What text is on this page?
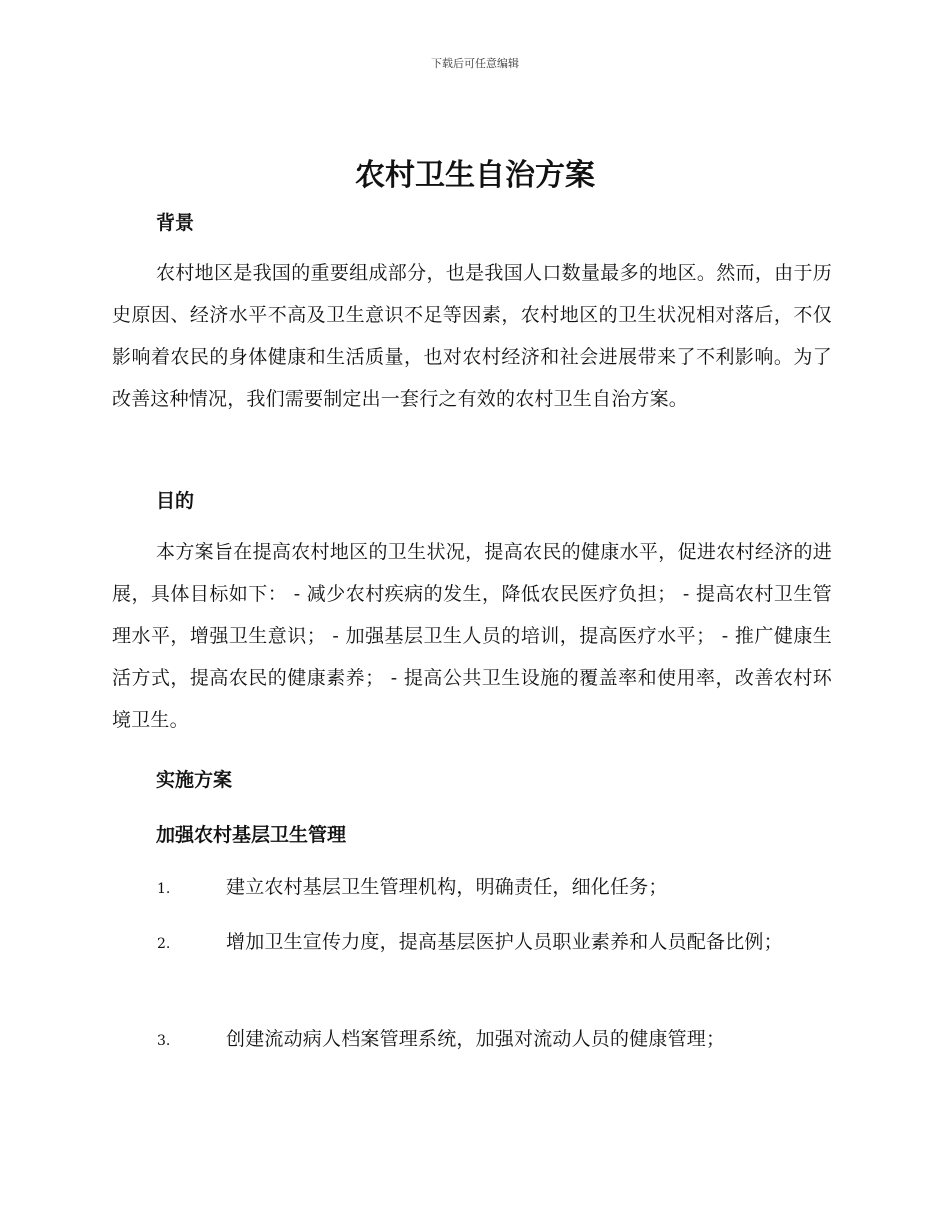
下载后可任意编辑
农村卫生自治方案
背景

农村地区是我国的重要组成部分，也是我国人口数量最多的地区。然而，由于历史原因、经济水平不高及卫生意识不足等因素，农村地区的卫生状况相对落后，不仅影响着农民的身体健康和生活质量，也对农村经济和社会进展带来了不利影响。为了改善这种情况，我们需要制定出一套行之有效的农村卫生自治方案。

目的

本方案旨在提高农村地区的卫生状况，提高农民的健康水平，促进农村经济的进展，具体目标如下： - 减少农村疾病的发生，降低农民医疗负担； - 提高农村卫生管理水平，增强卫生意识； - 加强基层卫生人员的培训，提高医疗水平； - 推广健康生活方式，提高农民的健康素养； - 提高公共卫生设施的覆盖率和使用率，改善农村环境卫生。

实施方案
加强农村基层卫生管理
1.	建立农村基层卫生管理机构，明确责任，细化任务；
2.	增加卫生宣传力度，提高基层医护人员职业素养和人员配备比例；
3.	创建流动病人档案管理系统，加强对流动人员的健康管理；
